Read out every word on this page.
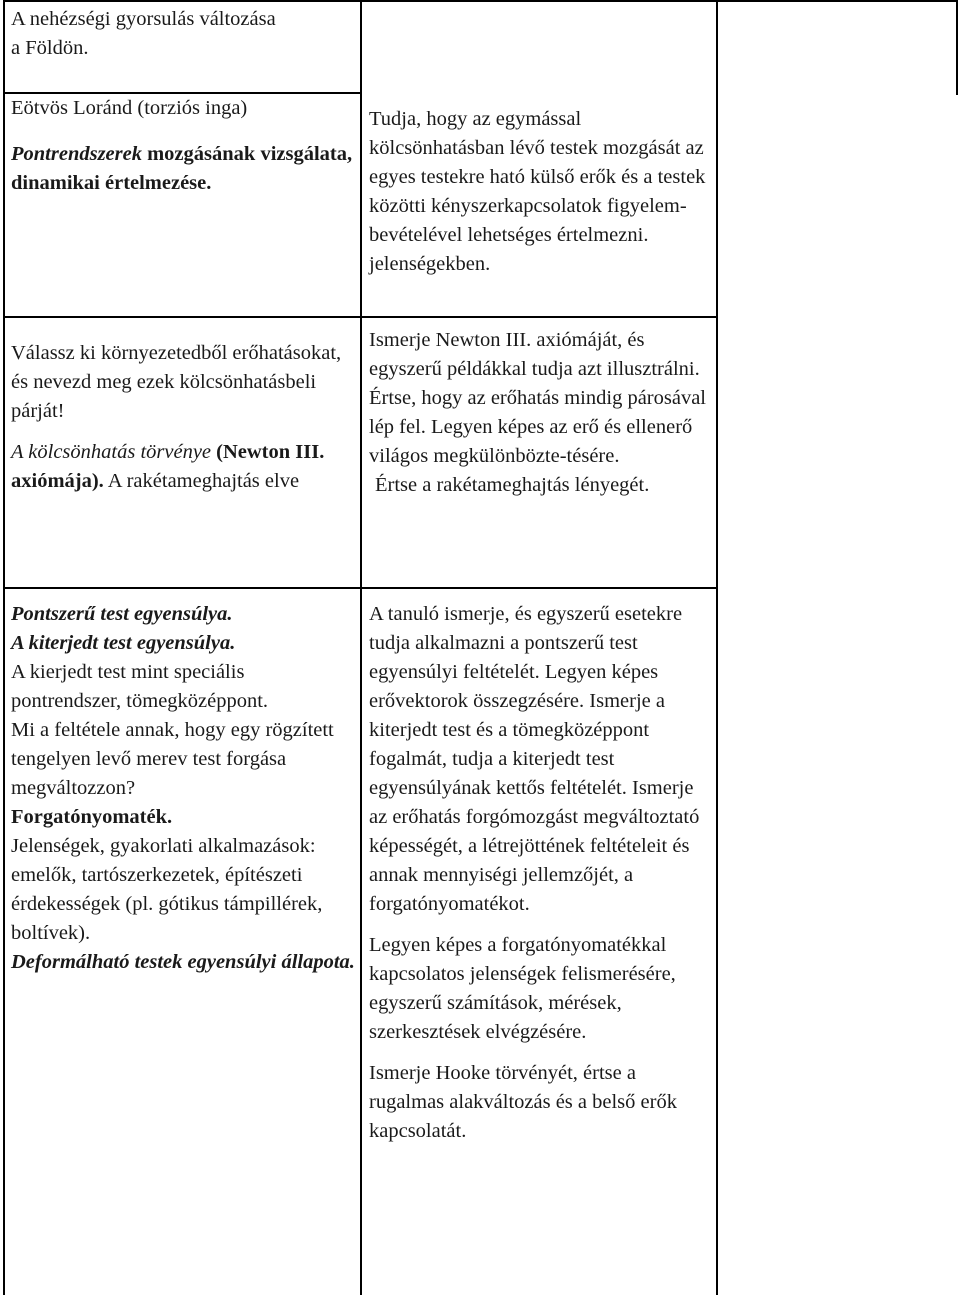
A nehézségi gyorsulás változása
a Földön.

Eötvös Loránd (torziós inga)

Pontrendszerek mozgásának vizsgálata, dinamikai értelmezése.

Válassz ki környezetedből erőhatásokat, és nevezd meg ezek kölcsönhatásbeli párját!

A kölcsönhatás törvénye (Newton III. axiómája). A rakétameghajtás elve

Pontszerű test egyensúlya.

A kiterjedt test egyensúlya.

A kierjedt test mint speciális pontrendszer, tömegközéppont.

Mi a feltétele annak, hogy egy rögzített tengelyen levő merev test forgása megváltozzon?

Forgatónyomaték.

Jelenségek, gyakorlati alkalmazások:

emelők, tartószerkezetek, építészeti érdekességek (pl. gótikus támpillérek, boltívek).

Deformálható testek egyensúlyi állapota.

Tudja, hogy az egymással kölcsönhatásban lévő testek mozgását az egyes testekre ható külső erők és a testek közötti kényszerkapcsolatok figyelem-bevételével lehetséges értelmezni. jelenségekben.

Ismerje Newton III. axiómáját, és egyszerű példákkal tudja azt illusztrálni. Értse, hogy az erőhatás mindig párosával lép fel. Legyen képes az erő és ellenerő világos megkülönbözte-tésére.

Értse a rakétameghajtás lényegét.

A tanuló ismerje, és egyszerű esetekre tudja alkalmazni a pontszerű test egyensúlyi feltételét. Legyen képes erővektorok összegzésére. Ismerje a kiterjedt test és a tömegközéppont fogalmát, tudja a kiterjedt test egyensúlyának kettős feltételét. Ismerje az erőhatás forgómozgást megváltoztató képességét, a létrejöttének feltételeit és annak mennyiségi jellemzőjét, a forgatónyomatékot.

Legyen képes a forgatónyomatékkal kapcsolatos jelenségek felismerésére, egyszerű számítások, mérések, szerkesztések elvégzésére.

Ismerje Hooke törvényét, értse a rugalmas alakváltozás és a belső erők kapcsolatát.
